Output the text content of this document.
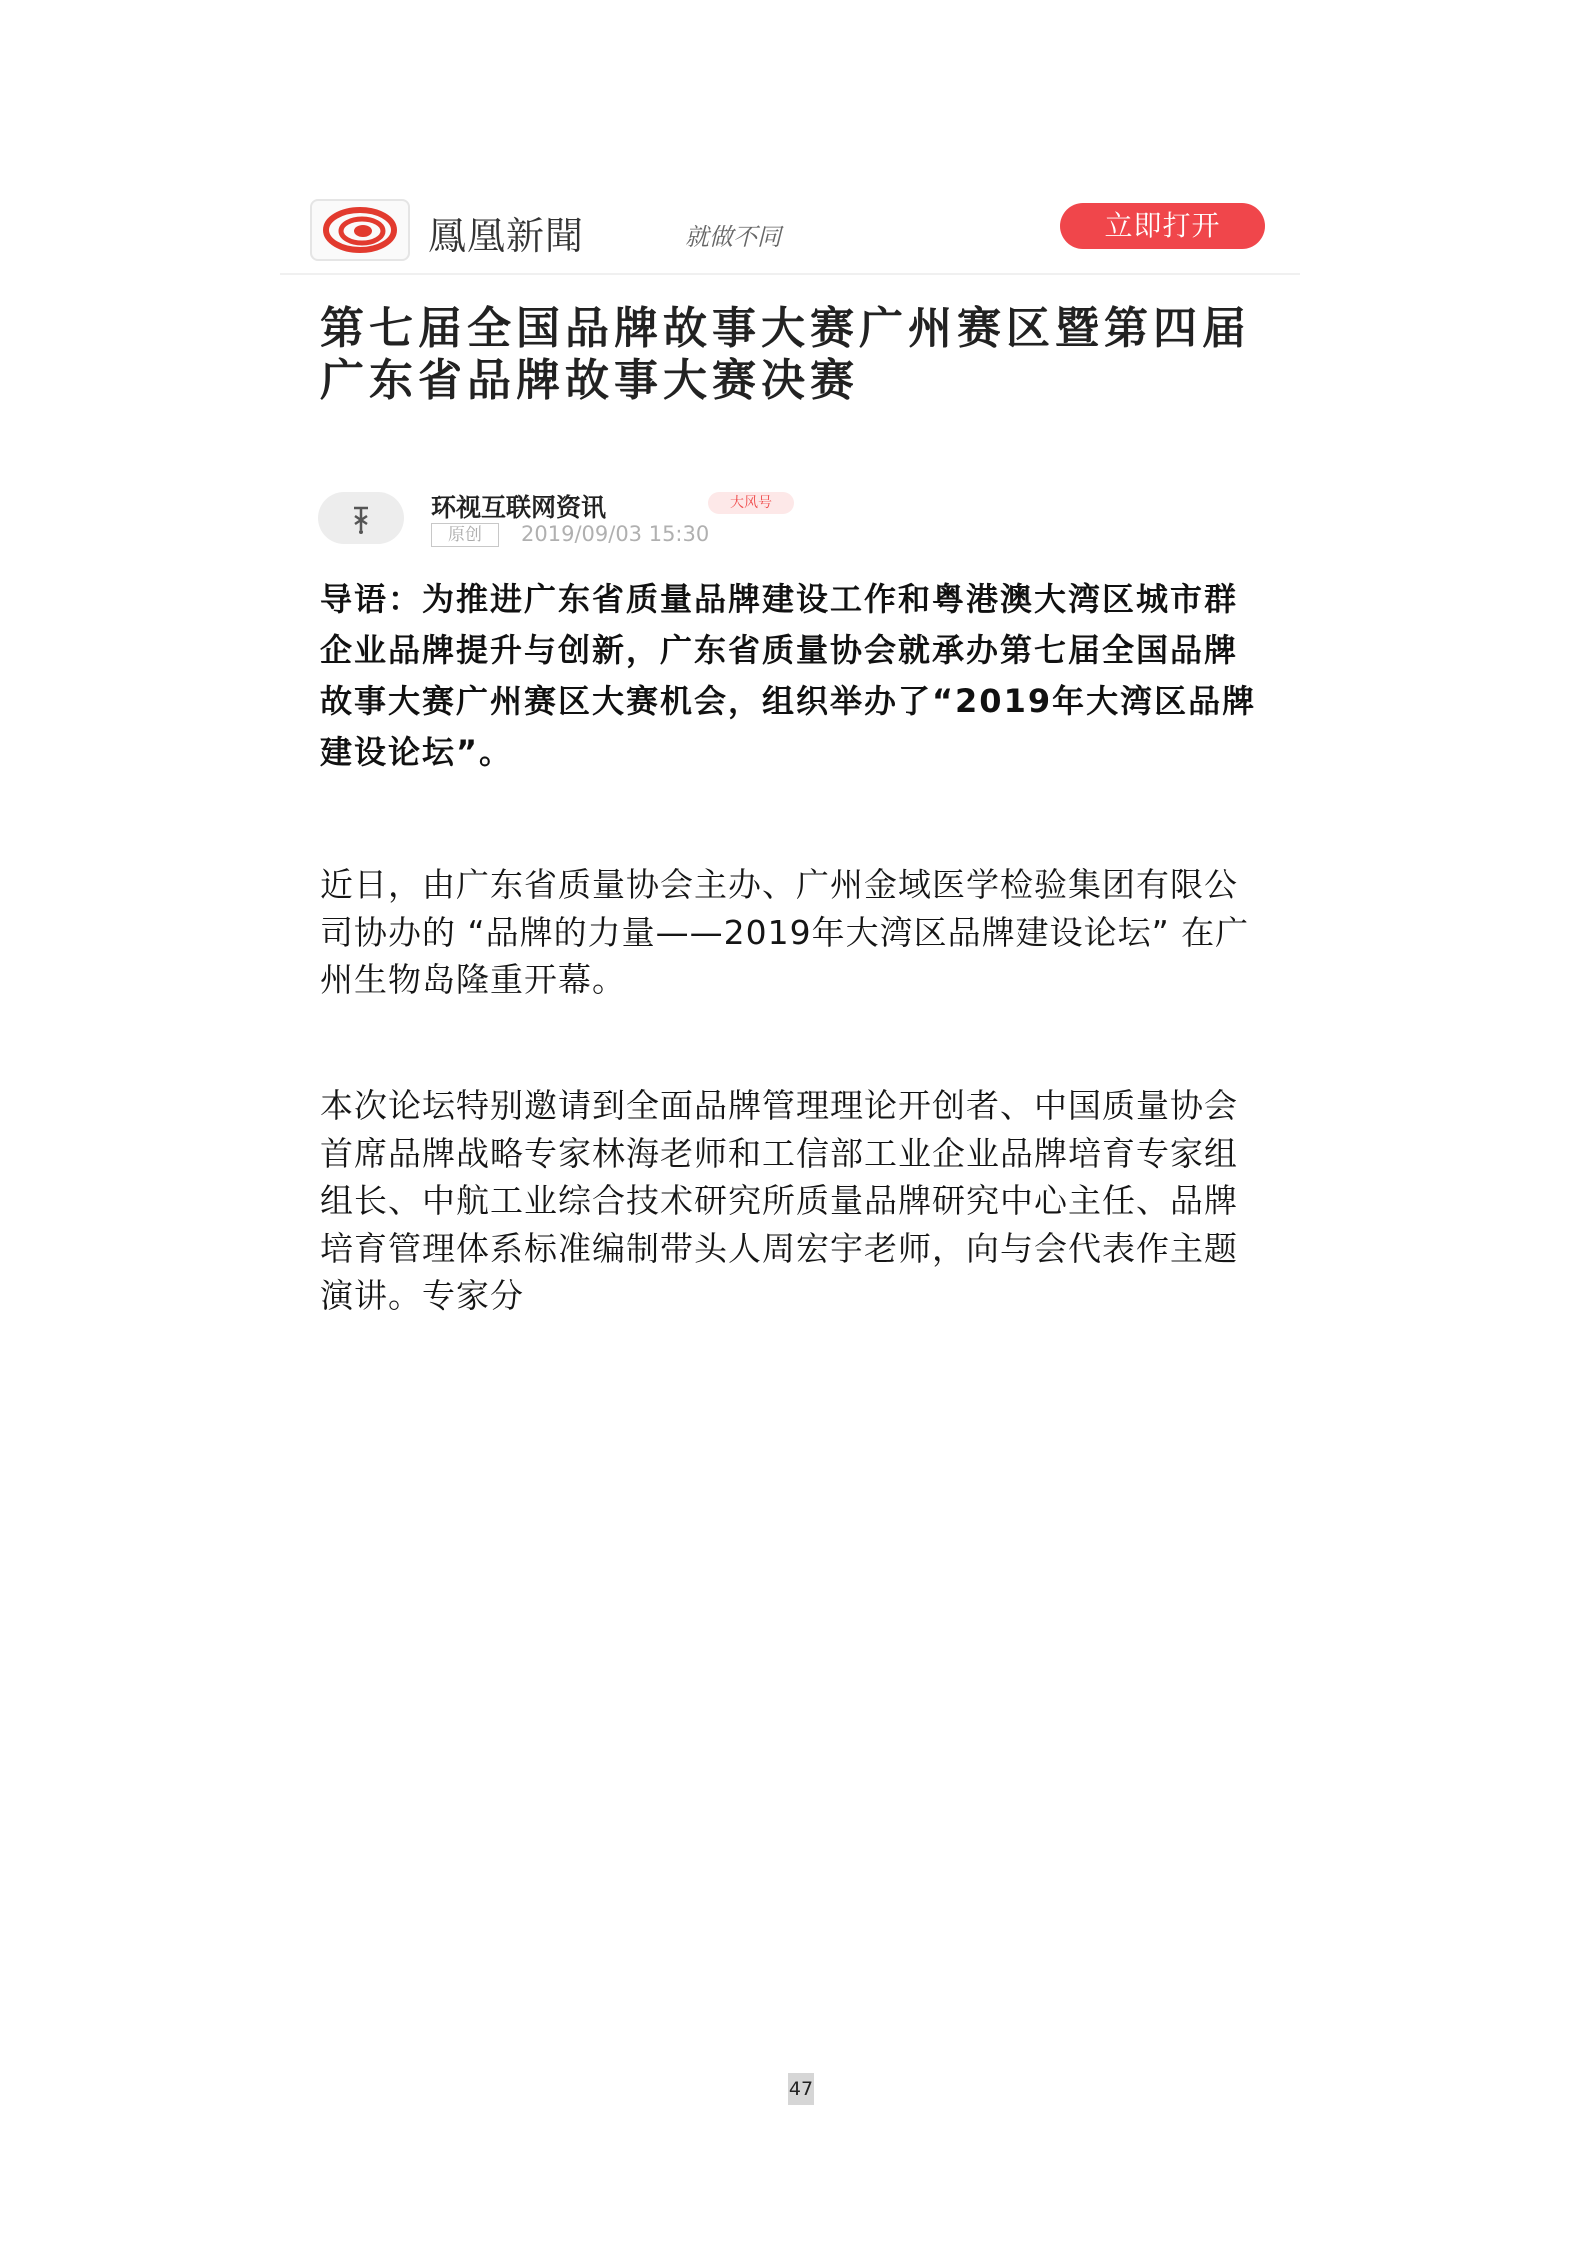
鳳凰新聞	就做不同	立即打开
第七届全国品牌故事大赛广州赛区暨第四届广东省品牌故事大赛决赛
环视互联网资讯	大风号
原创	2019/09/03 15:30

导语：为推进广东省质量品牌建设工作和粤港澳大湾区城市群企业品牌提升与创新，广东省质量协会就承办第七届全国品牌故事大赛广州赛区大赛机会，组织举办了“2019年大湾区品牌建设论坛”。

近日，由广东省质量协会主办、广州金域医学检验集团有限公司协办的 “品牌的力量——2019年大湾区品牌建设论坛” 在广州生物岛隆重开幕。

本次论坛特别邀请到全面品牌管理理论开创者、中国质量协会首席品牌战略专家林海老师和工信部工业企业品牌培育专家组组长、中航工业综合技术研究所质量品牌研究中心主任、品牌培育管理体系标准编制带头人周宏宇老师，向与会代表作主题演讲。专家分

47
